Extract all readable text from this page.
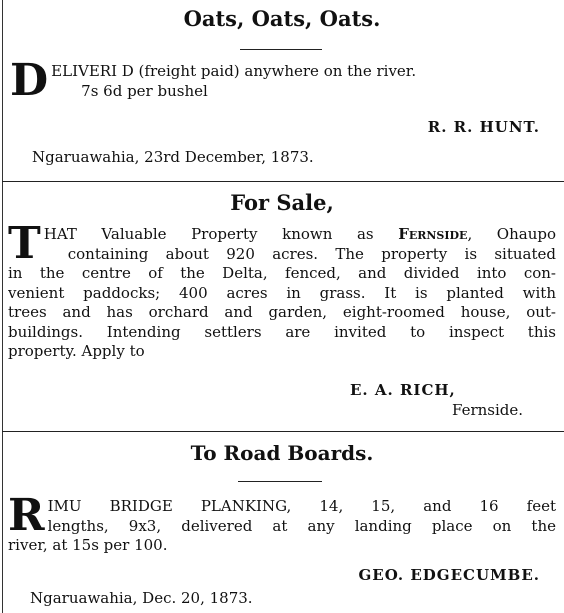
Oats, Oats, Oats.
D ELIVERI D (freight paid) anywhere on the river.
7s 6d per bushel
R. R. HUNT.
Ngaruawahia, 23rd December, 1873.
For Sale,
T HAT Valuable Property known as Fernside, Ohaupo
containing about 920 acres. The property is situated
in the centre of the Delta, fenced, and divided into con-
venient paddocks; 400 acres in grass. It is planted with
trees and has orchard and garden, eight-roomed house, out-
buildings. Intending settlers are invited to inspect this
property. Apply to
E. A. RICH,
Fernside.
To Road Boards.
R IMU BRIDGE PLANKING, 14, 15, and 16 feet
lengths, 9x3, delivered at any landing place on the
river, at 15s per 100.
GEO. EDGECUMBE.
Ngaruawahia, Dec. 20, 1873.
